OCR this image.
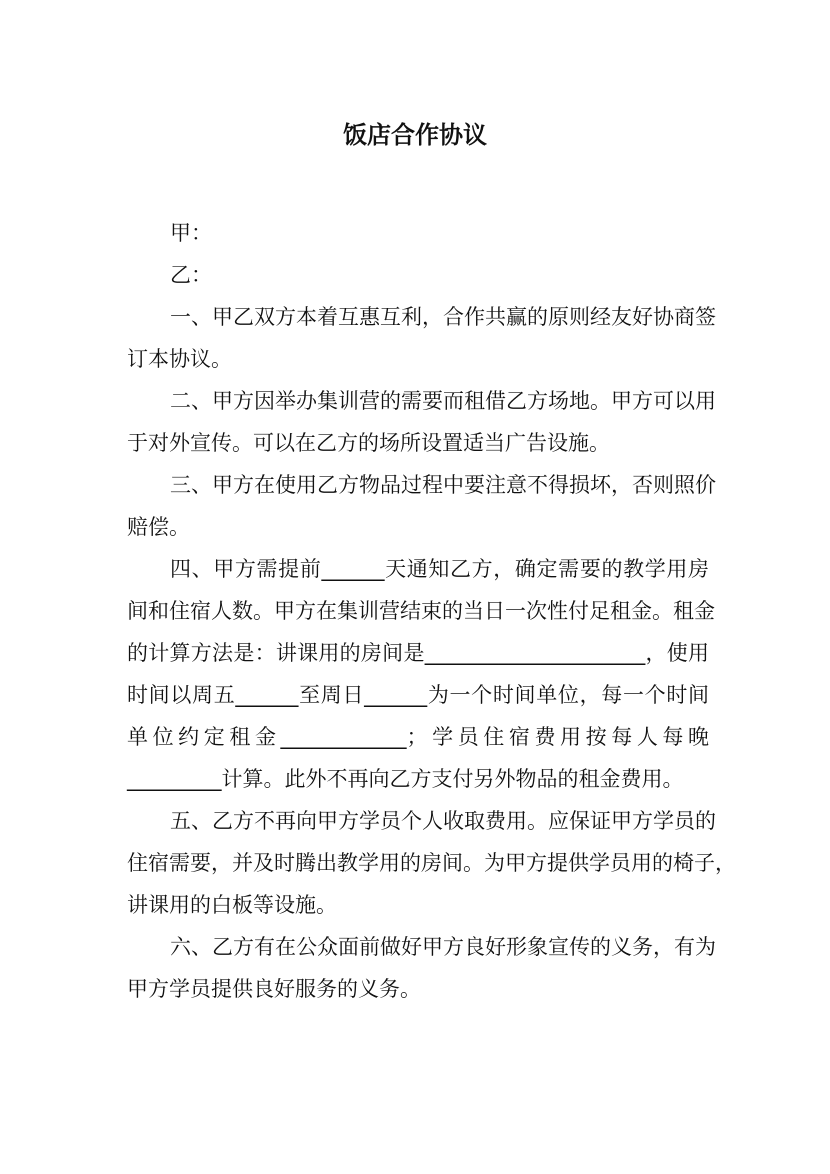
饭店合作协议
甲：
乙：
一、甲乙双方本着互惠互利，合作共赢的原则经友好协商签
订本协议。
二、甲方因举办集训营的需要而租借乙方场地。甲方可以用
于对外宣传。可以在乙方的场所设置适当广告设施。
三、甲方在使用乙方物品过程中要注意不得损坏，否则照价
赔偿。
四、甲方需提前______天通知乙方，确定需要的教学用房
间和住宿人数。甲方在集训营结束的当日一次性付足租金。租金
的计算方法是：讲课用的房间是_____________________，使用
时间以周五______至周日______为一个时间单位，每一个时间
单位约定租金____________；学员住宿费用按每人每晚
_________计算。此外不再向乙方支付另外物品的租金费用。
五、乙方不再向甲方学员个人收取费用。应保证甲方学员的
住宿需要，并及时腾出教学用的房间。为甲方提供学员用的椅子，
讲课用的白板等设施。
六、乙方有在公众面前做好甲方良好形象宣传的义务，有为
甲方学员提供良好服务的义务。
